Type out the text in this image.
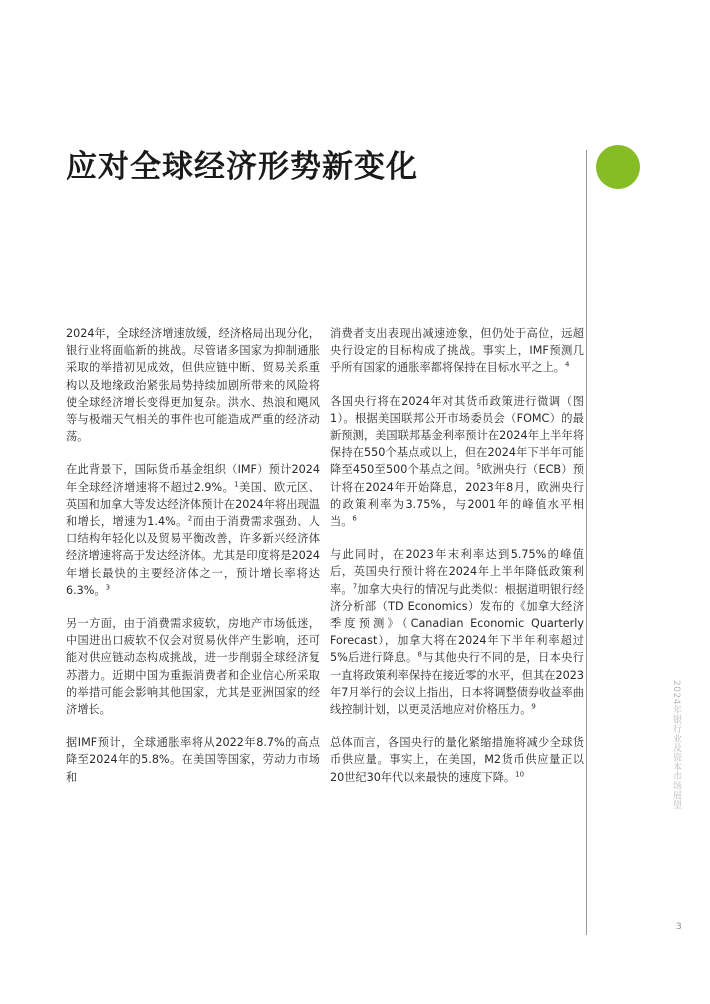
应对全球经济形势新变化

2024年，全球经济增速放缓，经济格局出现分化，银行业将面临新的挑战。尽管诸多国家为抑制通胀采取的举措初见成效，但供应链中断、贸易关系重构以及地缘政治紧张局势持续加剧所带来的风险将使全球经济增长变得更加复杂。洪水、热浪和飓风等与极端天气相关的事件也可能造成严重的经济动荡。

在此背景下，国际货币基金组织（IMF）预计2024年全球经济增速将不超过2.9%。$^1$美国、欧元区、英国和加拿大等发达经济体预计在2024年将出现温和增长，增速为1.4%。$^2$而由于消费需求强劲、人口结构年轻化以及贸易平衡改善，许多新兴经济体经济增速将高于发达经济体。尤其是印度将是2024年增长最快的主要经济体之一，预计增长率将达6.3%。$^3$

另一方面，由于消费需求疲软，房地产市场低迷，中国进出口疲软不仅会对贸易伙伴产生影响，还可能对供应链动态构成挑战，进一步削弱全球经济复苏潜力。近期中国为重振消费者和企业信心所采取的举措可能会影响其他国家，尤其是亚洲国家的经济增长。

据IMF预计，全球通胀率将从2022年8.7%的高点降至2024年的5.8%。在美国等国家，劳动力市场和

消费者支出表现出减速迹象，但仍处于高位，远超央行设定的目标构成了挑战。事实上，IMF预测几乎所有国家的通胀率都将保持在目标水平之上。$^4$

各国央行将在2024年对其货币政策进行微调（图1）。根据美国联邦公开市场委员会（FOMC）的最新预测，美国联邦基金利率预计在2024年上半年将保持在550个基点或以上，但在2024年下半年可能降至450至500个基点之间。$^5$欧洲央行（ECB）预计将在2024年开始降息，2023年8月，欧洲央行的政策利率为3.75%，与2001年的峰值水平相当。$^6$

与此同时，在2023年末利率达到5.75%的峰值后，英国央行预计将在2024年上半年降低政策利率。$^7$加拿大央行的情况与此类似：根据道明银行经济分析部（TD Economics）发布的《加拿大经济季度预测》（Canadian Economic Quarterly Forecast），加拿大将在2024年下半年利率超过5%后进行降息。$^8$与其他央行不同的是，日本央行一直将政策利率保持在接近零的水平，但其在2023年7月举行的会议上指出，日本将调整债券收益率曲线控制计划，以更灵活地应对价格压力。$^9$

总体而言，各国央行的量化紧缩措施将减少全球货币供应量。事实上，在美国，M2货币供应量正以20世纪30年代以来最快的速度下降。$^{10}$	2024年银行业及资本市场展望
3
